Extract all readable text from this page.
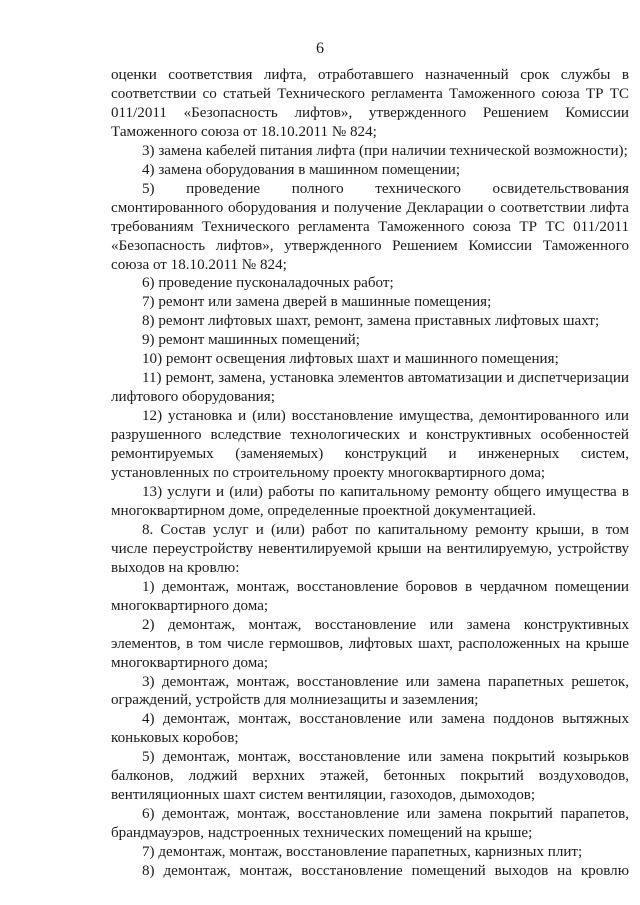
6

оценки соответствия лифта, отработавшего назначенный срок службы в соответствии со статьей Технического регламента Таможенного союза ТР ТС 011/2011 «Безопасность лифтов», утвержденного Решением Комиссии Таможенного союза от 18.10.2011 № 824;

3) замена кабелей питания лифта (при наличии технической возможности);

4) замена оборудования в машинном помещении;

5) проведение полного технического освидетельствования смонтированного оборудования и получение Декларации о соответствии лифта требованиям Технического регламента Таможенного союза ТР ТС 011/2011 «Безопасность лифтов», утвержденного Решением Комиссии Таможенного союза от 18.10.2011 № 824;

6) проведение пусконаладочных работ;

7) ремонт или замена дверей в машинные помещения;

8) ремонт лифтовых шахт, ремонт, замена приставных лифтовых шахт;

9) ремонт машинных помещений;

10) ремонт освещения лифтовых шахт и машинного помещения;

11) ремонт, замена, установка элементов автоматизации и диспетчеризации лифтового оборудования;

12) установка и (или) восстановление имущества, демонтированного или разрушенного вследствие технологических и конструктивных особенностей ремонтируемых (заменяемых) конструкций и инженерных систем, установленных по строительному проекту многоквартирного дома;

13) услуги и (или) работы по капитальному ремонту общего имущества в многоквартирном доме, определенные проектной документацией.

8. Состав услуг и (или) работ по капитальному ремонту крыши, в том числе переустройству невентилируемой крыши на вентилируемую, устройству выходов на кровлю:

1) демонтаж, монтаж, восстановление боровов в чердачном помещении многоквартирного дома;

2) демонтаж, монтаж, восстановление или замена конструктивных элементов, в том числе гермошвов, лифтовых шахт, расположенных на крыше многоквартирного дома;

3) демонтаж, монтаж, восстановление или замена парапетных решеток, ограждений, устройств для молниезащиты и заземления;

4) демонтаж, монтаж, восстановление или замена поддонов вытяжных коньковых коробов;

5) демонтаж, монтаж, восстановление или замена покрытий козырьков балконов, лоджий верхних этажей, бетонных покрытий воздуховодов, вентиляционных шахт систем вентиляции, газоходов, дымоходов;

6) демонтаж, монтаж, восстановление или замена покрытий парапетов, брандмауэров, надстроенных технических помещений на крыше;

7) демонтаж, монтаж, восстановление парапетных, карнизных плит;

8) демонтаж, монтаж, восстановление помещений выходов на кровлю
